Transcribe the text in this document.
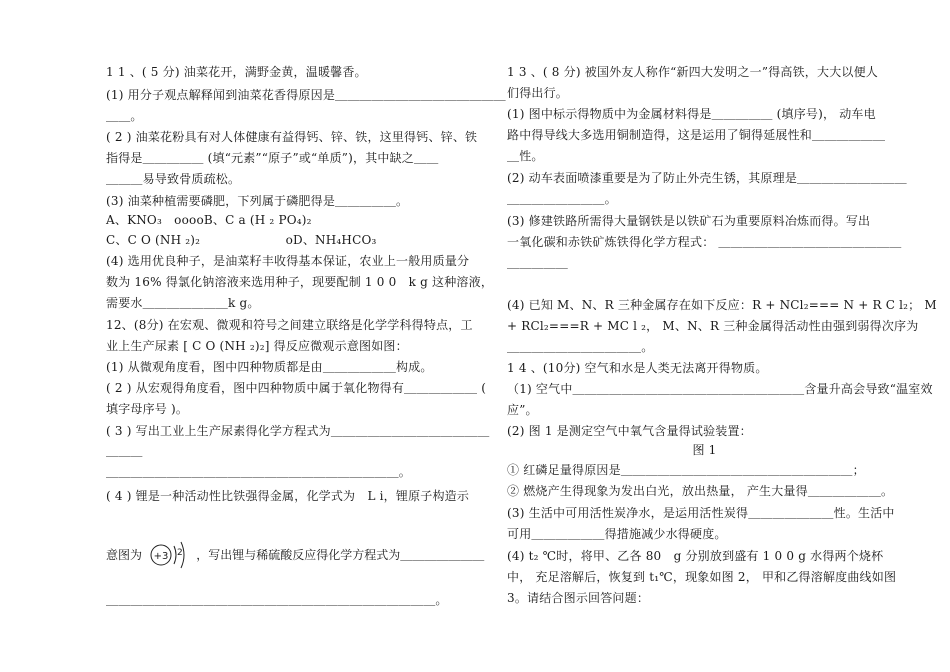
1 1 、( 5 分) 油菜花开，满野金黄，温暖馨香。
(1) 用分子观点解释闻到油菜花香得原因是＿＿＿＿＿＿＿＿＿＿＿＿＿＿
＿＿。
( 2 ) 油菜花粉具有对人体健康有益得钙、锌、铁，这里得钙、锌、铁
指得是＿＿＿＿＿ (填“元素”“原子”或“单质”)，其中缺之＿＿
＿＿＿易导致骨质疏松。
(3) 油菜种植需要磷肥，下列属于磷肥得是＿＿＿＿＿。
A、KNO₃　ooooB、C a (H ₂ PO₄)₂
C、C O (NH ₂)₂　　　　　　　oD、NH₄HCO₃
(4) 选用优良种子，是油菜籽丰收得基本保证，农业上一般用质量分
数为 16% 得氯化钠溶液来选用种子，现要配制 1 0 0　k g 这种溶液，
需要水＿＿＿＿＿＿＿k g。
12、(8分) 在宏观、微观和符号之间建立联络是化学学科得特点，工
业上生产尿素 [ C O (NH ₂)₂] 得反应微观示意图如图：
(1) 从微观角度看，图中四种物质都是由＿＿＿＿＿＿构成。
( 2 ) 从宏观得角度看，图中四种物质中属于氧化物得有＿＿＿＿＿＿ (
填字母序号 )。
( 3 ) 写出工业上生产尿素得化学方程式为＿＿＿＿＿＿＿＿＿＿＿＿＿
＿＿＿
＿＿＿＿＿＿＿＿＿＿＿＿＿＿＿＿＿＿＿＿＿＿＿＿。
( 4 ) 锂是一种活动性比铁强得金属，化学式为　L i，锂原子构造示
意图为 +3 2 ，写出锂与稀硫酸反应得化学方程式为＿＿＿＿＿＿＿
＿＿＿＿＿＿＿＿＿＿＿＿＿＿＿＿＿＿＿＿＿＿＿＿＿＿＿。
1 3 、( 8 分) 被国外友人称作“新四大发明之一”得高铁，大大以便人
们得出行。
(1) 图中标示得物质中为金属材料得是＿＿＿＿＿ (填序号)， 动车电
路中得导线大多选用铜制造得，这是运用了铜得延展性和＿＿＿＿＿＿
＿性。
(2) 动车表面喷漆重要是为了防止外壳生锈，其原理是＿＿＿＿＿＿＿＿＿
＿＿＿＿＿＿＿＿。
(3) 修建铁路所需得大量钢铁是以铁矿石为重要原料冶炼而得。写出
一氧化碳和赤铁矿炼铁得化学方程式： ＿＿＿＿＿＿＿＿＿＿＿＿＿＿＿
＿＿＿＿＿
(4) 已知 M、N、R 三种金属存在如下反应：R + NCl₂=== N + R C l₂； M
+ RCl₂===R + MC l ₂， M、N、R 三种金属得活动性由强到弱得次序为
＿＿＿＿＿＿＿＿＿＿＿。
1 4 、(10分) 空气和水是人类无法离开得物质。
（1) 空气中＿＿＿＿＿＿＿＿＿＿＿＿＿＿＿＿＿＿＿含量升高会导致“温室效
应”。
(2) 图 1 是测定空气中氧气含量得试验装置：
图 1
① 红磷足量得原因是＿＿＿＿＿＿＿＿＿＿＿＿＿＿＿＿＿＿＿；
② 燃烧产生得现象为发出白光，放出热量， 产生大量得＿＿＿＿＿＿。
(3) 生活中可用活性炭净水，是运用活性炭得＿＿＿＿＿＿＿性。生活中
可用＿＿＿＿＿＿得措施减少水得硬度。
(4) t₂ ℃时，将甲、乙各 80　g 分别放到盛有 1 0 0 g 水得两个烧杯
中， 充足溶解后，恢复到 t₁℃，现象如图 2， 甲和乙得溶解度曲线如图
3。请结合图示回答问题：
